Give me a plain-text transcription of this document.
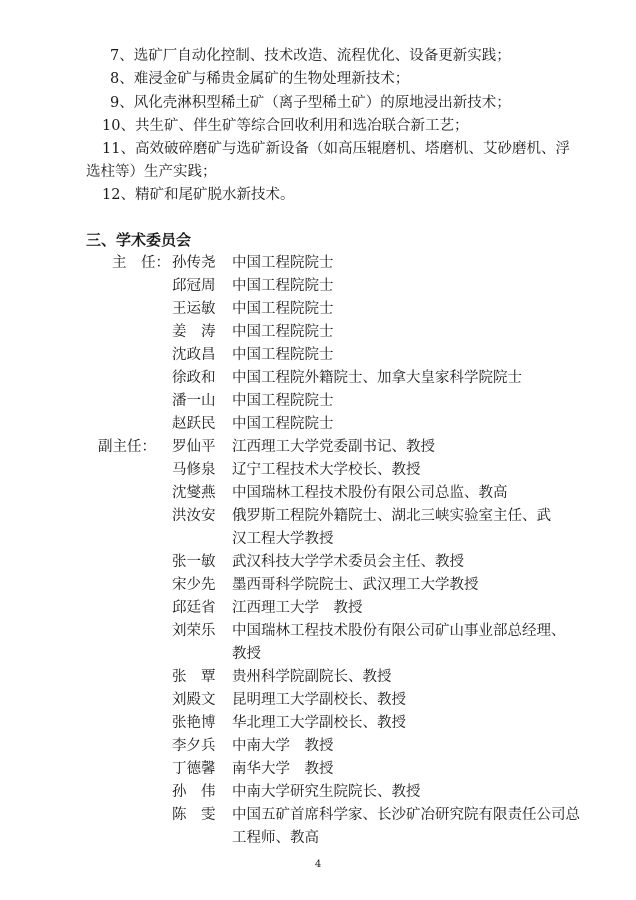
7、选矿厂自动化控制、技术改造、流程优化、设备更新实践；
8、难浸金矿与稀贵金属矿的生物处理新技术；
9、风化壳淋积型稀土矿（离子型稀土矿）的原地浸出新技术；
10、共生矿、伴生矿等综合回收利用和选冶联合新工艺；
11、高效破碎磨矿与选矿新设备（如高压辊磨机、塔磨机、艾砂磨机、浮
选柱等）生产实践；
12、精矿和尾矿脱水新技术。
三、学术委员会
主　任： 孙传尧	中国工程院院士
邱冠周	中国工程院院士
王运敏	中国工程院院士
姜　涛	中国工程院院士
沈政昌	中国工程院院士
徐政和	中国工程院外籍院士、加拿大皇家科学院院士
潘一山	中国工程院院士
赵跃民	中国工程院院士
副主任：	罗仙平	江西理工大学党委副书记、教授
马修泉	辽宁工程技术大学校长、教授
沈燮燕	中国瑞林工程技术股份有限公司总监、教高
洪汝安	俄罗斯工程院外籍院士、湖北三峡实验室主任、武汉工程大学教授
张一敏	武汉科技大学学术委员会主任、教授
宋少先	墨西哥科学院院士、武汉理工大学教授
邱廷省	江西理工大学　教授
刘荣乐	中国瑞林工程技术股份有限公司矿山事业部总经理、教授
张　覃	贵州科学院副院长、教授
刘殿文	昆明理工大学副校长、教授
张艳博	华北理工大学副校长、教授
李夕兵	中南大学　教授
丁德馨	南华大学　教授
孙　伟	中南大学研究生院院长、教授
陈　雯	中国五矿首席科学家、长沙矿冶研究院有限责任公司总工程师、教高
4
